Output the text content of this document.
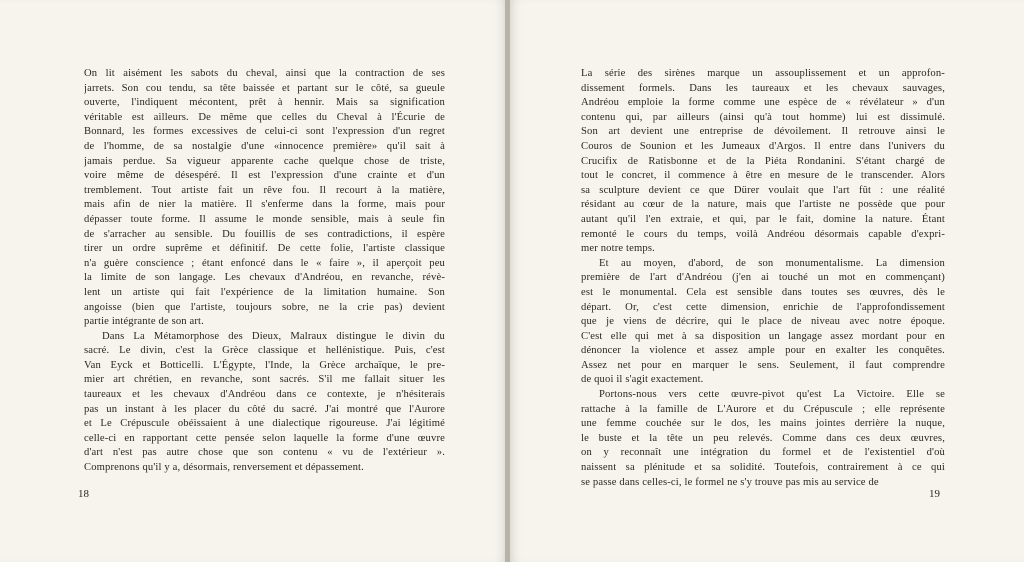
On lit aisément les sabots du cheval, ainsi que la contraction de ses
jarrets. Son cou tendu, sa tête baissée et partant sur le côté, sa gueule
ouverte, l'indiquent mécontent, prêt à hennir. Mais sa signification
véritable est ailleurs. De même que celles du Cheval à l'Écurie de
Bonnard, les formes excessives de celui-ci sont l'expression d'un regret
de l'homme, de sa nostalgie d'une «innocence première» qu'il sait à
jamais perdue. Sa vigueur apparente cache quelque chose de triste,
voire même de désespéré. Il est l'expression d'une crainte et d'un
tremblement. Tout artiste fait un rêve fou. Il recourt à la matière,
mais afin de nier la matière. Il s'enferme dans la forme, mais pour
dépasser toute forme. Il assume le monde sensible, mais à seule fin
de s'arracher au sensible. Du fouillis de ses contradictions, il espère
tirer un ordre suprême et définitif. De cette folie, l'artiste classique
n'a guère conscience ; étant enfoncé dans le « faire », il aperçoit peu
la limite de son langage. Les chevaux d'Andréou, en revanche, révè-
lent un artiste qui fait l'expérience de la limitation humaine. Son
angoisse (bien que l'artiste, toujours sobre, ne la crie pas) devient
partie intégrante de son art.

Dans La Métamorphose des Dieux, Malraux distingue le divin du
sacré. Le divin, c'est la Grèce classique et hellénistique. Puis, c'est
Van Eyck et Botticelli. L'Égypte, l'Inde, la Grèce archaïque, le pre-
mier art chrétien, en revanche, sont sacrés. S'il me fallait situer les
taureaux et les chevaux d'Andréou dans ce contexte, je n'hésiterais
pas un instant à les placer du côté du sacré. J'ai montré que l'Aurore
et Le Crépuscule obéissaient à une dialectique rigoureuse. J'ai légitimé
celle-ci en rapportant cette pensée selon laquelle la forme d'une œuvre
d'art n'est pas autre chose que son contenu « vu de l'extérieur ».
Comprenons qu'il y a, désormais, renversement et dépassement.

18

La série des sirènes marque un assouplissement et un approfon-
dissement formels. Dans les taureaux et les chevaux sauvages,
Andréou emploie la forme comme une espèce de « révélateur » d'un
contenu qui, par ailleurs (ainsi qu'à tout homme) lui est dissimulé.
Son art devient une entreprise de dévoilement. Il retrouve ainsi le
Couros de Sounion et les Jumeaux d'Argos. Il entre dans l'univers du
Crucifix de Ratisbonne et de la Piéta Rondanini. S'étant chargé de
tout le concret, il commence à être en mesure de le transcender. Alors
sa sculpture devient ce que Dürer voulait que l'art fût : une réalité
résidant au cœur de la nature, mais que l'artiste ne possède que pour
autant qu'il l'en extraie, et qui, par le fait, domine la nature. Étant
remonté le cours du temps, voilà Andréou désormais capable d'expri-
mer notre temps.

Et au moyen, d'abord, de son monumentalisme. La dimension
première de l'art d'Andréou (j'en ai touché un mot en commençant)
est le monumental. Cela est sensible dans toutes ses œuvres, dès le
départ. Or, c'est cette dimension, enrichie de l'approfondissement
que je viens de décrire, qui le place de niveau avec notre époque.
C'est elle qui met à sa disposition un langage assez mordant pour en
dénoncer la violence et assez ample pour en exalter les conquêtes.
Assez net pour en marquer le sens. Seulement, il faut comprendre
de quoi il s'agit exactement.

Portons-nous vers cette œuvre-pivot qu'est La Victoire. Elle se
rattache à la famille de L'Aurore et du Crépuscule ; elle représente
une femme couchée sur le dos, les mains jointes derrière la nuque,
le buste et la tête un peu relevés. Comme dans ces deux œuvres,
on y reconnaît une intégration du formel et de l'existentiel d'où
naissent sa plénitude et sa solidité. Toutefois, contrairement à ce qui
se passe dans celles-ci, le formel ne s'y trouve pas mis au service de

19
